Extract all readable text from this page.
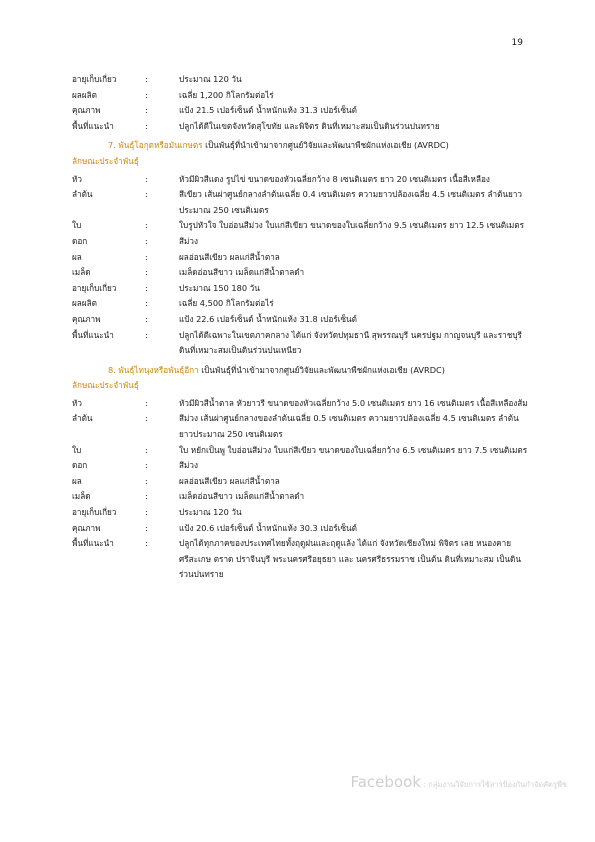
19
อายุเก็บเกี่ยว	:	ประมาณ 120 วัน
ผลผลิต	:	เฉลี่ย 1,200 กิโลกรัมต่อไร่
คุณภาพ	:	แป้ง 21.5 เปอร์เซ็นต์ น้ำหนักแห้ง 31.3 เปอร์เซ็นต์
พื้นที่แนะนำ	:	ปลูกได้ดีในเขตจังหวัดสุโขทัย และพิจิตร ดินที่เหมาะสมเป็นดินร่วนปนทราย
7. พันธุ์โอกุดหรือมันเกษตร เป็นพันธุ์ที่นำเข้ามาจากศูนย์วิจัยและพัฒนาพืชผักแห่งเอเชีย (AVRDC)
ลักษณะประจำพันธุ์
หัว	:	หัวมีผิวสีแดง รูปไข่ ขนาดของหัวเฉลี่ยกว้าง 8 เซนติเมตร ยาว 20 เซนติเมตร เนื้อสีเหลือง
ลำต้น	:	สีเขียว เส้นผ่าศูนย์กลางลำต้นเฉลี่ย 0.4 เซนติเมตร ความยาวปล้องเฉลี่ย 4.5 เซนติเมตร ลำต้นยาวประมาณ 250 เซนติเมตร
ใบ	:	ใบรูปหัวใจ ใบอ่อนสีม่วง ใบแก่สีเขียว ขนาดของใบเฉลี่ยกว้าง 9.5 เซนติเมตร ยาว 12.5 เซนติเมตร
ดอก	:	สีม่วง
ผล	:	ผลอ่อนสีเขียว ผลแก่สีน้ำตาล
เมล็ด	:	เมล็ดอ่อนสีขาว เมล็ดแก่สีน้ำตาลดำ
อายุเก็บเกี่ยว	:	ประมาณ 150 180 วัน
ผลผลิต	:	เฉลี่ย 4,500 กิโลกรัมต่อไร่
คุณภาพ	:	แป้ง 22.6 เปอร์เซ็นต์ น้ำหนักแห้ง 31.8 เปอร์เซ็นต์
พื้นที่แนะนำ	:	ปลูกได้ดีเฉพาะในเขตภาคกลาง ได้แก่ จังหวัดปทุมธานี สุพรรณบุรี นครปฐม กาญจนบุรี และราชบุรี ดินที่เหมาะสมเป็นดินร่วนปนเหนียว
8. พันธุ์ไทนุงหรือพันธุ์อีกา เป็นพันธุ์ที่นำเข้ามาจากศูนย์วิจัยและพัฒนาพืชผักแห่งเอเชีย (AVRDC)
ลักษณะประจำพันธุ์
หัว	:	หัวมีผิวสีน้ำตาล หัวยาวรี ขนาดของหัวเฉลี่ยกว้าง 5.0 เซนติเมตร ยาว 16 เซนติเมตร เนื้อสีเหลืองส้ม
ลำต้น	:	สีม่วง เส้นผ่าศูนย์กลางของลำต้นเฉลี่ย 0.5 เซนติเมตร ความยาวปล้องเฉลี่ย 4.5 เซนติเมตร ลำต้นยาวประมาณ 250 เซนติเมตร
ใบ	:	ใบ หยักเป็นพู ใบอ่อนสีม่วง ใบแก่สีเขียว ขนาดของใบเฉลี่ยกว้าง 6.5 เซนติเมตร ยาว 7.5 เซนติเมตร
ดอก	:	สีม่วง
ผล	:	ผลอ่อนสีเขียว ผลแก่สีน้ำตาล
เมล็ด	:	เมล็ดอ่อนสีขาว เมล็ดแก่สีน้ำตาลดำ
อายุเก็บเกี่ยว	:	ประมาณ 120 วัน
คุณภาพ	:	แป้ง 20.6 เปอร์เซ็นต์ น้ำหนักแห้ง 30.3 เปอร์เซ็นต์
พื้นที่แนะนำ	:	ปลูกได้ทุกภาคของประเทศไทยทั้งฤดูฝนและฤดูแล้ง ได้แก่ จังหวัดเชียงใหม่ พิจิตร เลย หนองคาย ศรีสะเกษ ตราด ปราจีนบุรี พระนครศรีอยุธยา และ นครศรีธรรมราช เป็นต้น ดินที่เหมาะสม เป็นดินร่วนปนทราย
Facebook : กลุ่มงานวิจัยการใช้สารป้องกันกำจัดศัตรูพืช
